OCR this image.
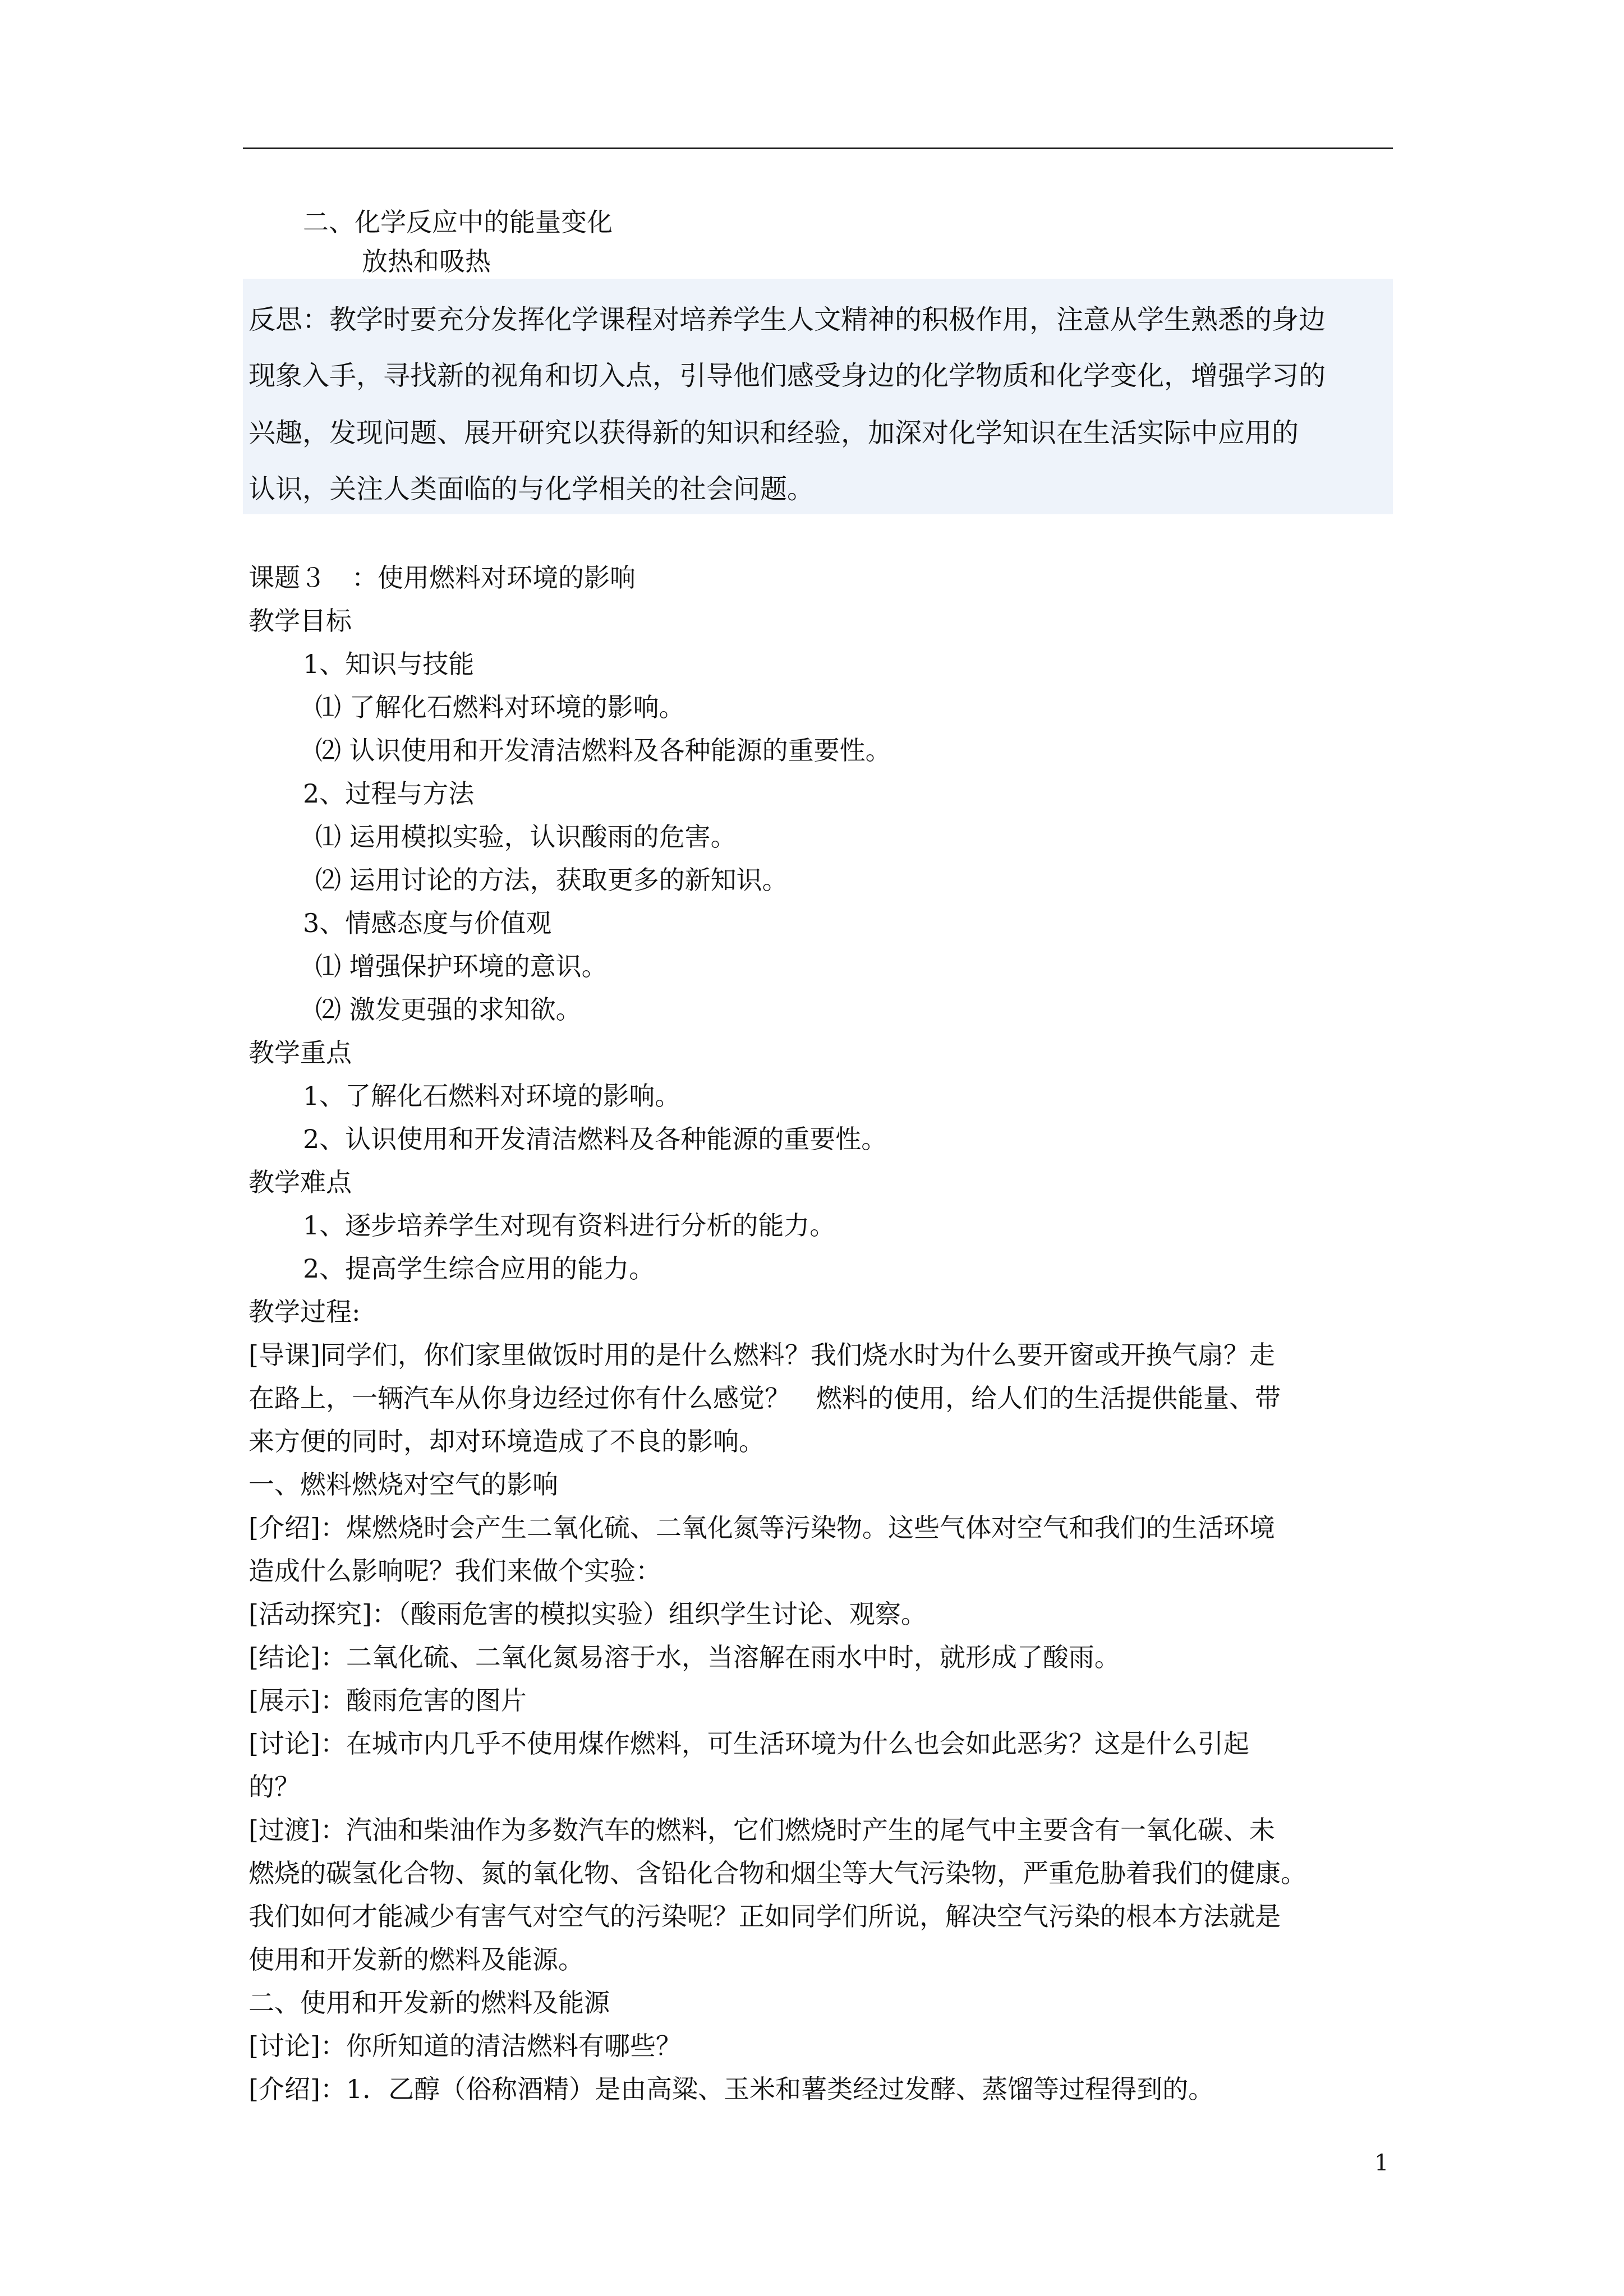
二、化学反应中的能量变化
放热和吸热
反思：教学时要充分发挥化学课程对培养学生人文精神的积极作用，注意从学生熟悉的身边
现象入手，寻找新的视角和切入点，引导他们感受身边的化学物质和化学变化，增强学习的
兴趣，发现问题、展开研究以获得新的知识和经验，加深对化学知识在生活实际中应用的
认识，关注人类面临的与化学相关的社会问题。
课题３　：使用燃料对环境的影响
教学目标
1、知识与技能
⑴ 了解化石燃料对环境的影响。
⑵ 认识使用和开发清洁燃料及各种能源的重要性。
2、过程与方法
⑴ 运用模拟实验，认识酸雨的危害。
⑵ 运用讨论的方法，获取更多的新知识。
3、情感态度与价值观
⑴ 增强保护环境的意识。
⑵ 激发更强的求知欲。
教学重点
1、了解化石燃料对环境的影响。
2、认识使用和开发清洁燃料及各种能源的重要性。
教学难点
1、逐步培养学生对现有资料进行分析的能力。
2、提高学生综合应用的能力。
教学过程:
[导课]同学们，你们家里做饭时用的是什么燃料？我们烧水时为什么要开窗或开换气扇？走
在路上，一辆汽车从你身边经过你有什么感觉？　燃料的使用，给人们的生活提供能量、带
来方便的同时，却对环境造成了不良的影响。
一、燃料燃烧对空气的影响
[介绍]：煤燃烧时会产生二氧化硫、二氧化氮等污染物。这些气体对空气和我们的生活环境
造成什么影响呢？我们来做个实验：
[活动探究]：（酸雨危害的模拟实验）组织学生讨论、观察。
[结论]：二氧化硫、二氧化氮易溶于水，当溶解在雨水中时，就形成了酸雨。
[展示]：酸雨危害的图片
[讨论]：在城市内几乎不使用煤作燃料，可生活环境为什么也会如此恶劣？这是什么引起
的？
[过渡]：汽油和柴油作为多数汽车的燃料，它们燃烧时产生的尾气中主要含有一氧化碳、未
燃烧的碳氢化合物、氮的氧化物、含铅化合物和烟尘等大气污染物，严重危胁着我们的健康。
我们如何才能减少有害气对空气的污染呢？正如同学们所说，解决空气污染的根本方法就是
使用和开发新的燃料及能源。
二、使用和开发新的燃料及能源
[讨论]：你所知道的清洁燃料有哪些？
[介绍]：1．乙醇（俗称酒精）是由高粱、玉米和薯类经过发酵、蒸馏等过程得到的。
1
